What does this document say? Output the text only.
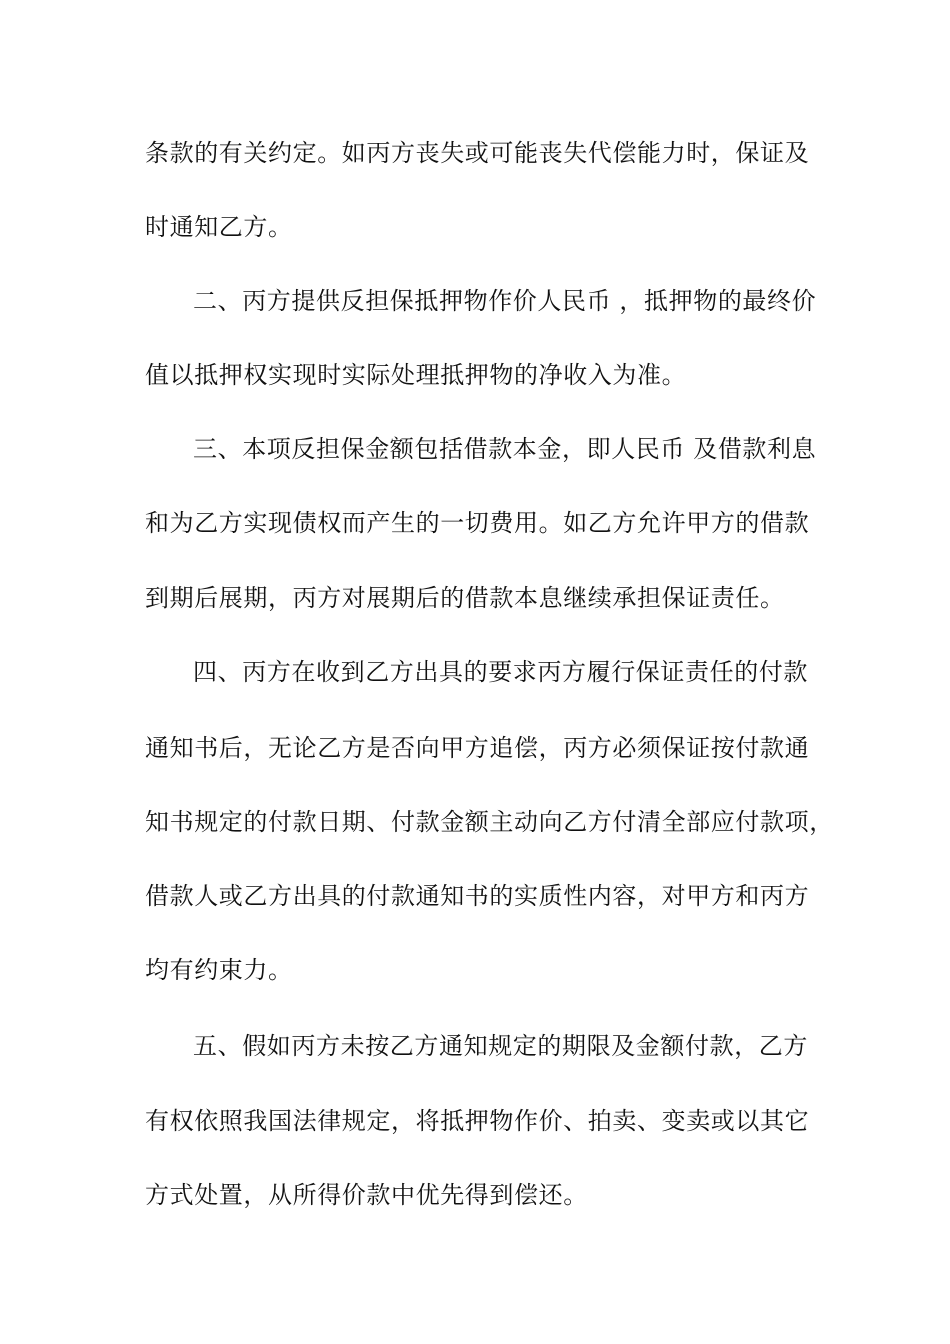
条款的有关约定。如丙方丧失或可能丧失代偿能力时，保证及
时通知乙方。
二、丙方提供反担保抵押物作价人民币 ，抵押物的最终价
值以抵押权实现时实际处理抵押物的净收入为准。
三、本项反担保金额包括借款本金，即人民币 及借款利息
和为乙方实现债权而产生的一切费用。如乙方允许甲方的借款
到期后展期，丙方对展期后的借款本息继续承担保证责任。
四、丙方在收到乙方出具的要求丙方履行保证责任的付款
通知书后，无论乙方是否向甲方追偿，丙方必须保证按付款通
知书规定的付款日期、付款金额主动向乙方付清全部应付款项，
借款人或乙方出具的付款通知书的实质性内容，对甲方和丙方
均有约束力。
五、假如丙方未按乙方通知规定的期限及金额付款，乙方
有权依照我国法律规定，将抵押物作价、拍卖、变卖或以其它
方式处置，从所得价款中优先得到偿还。
